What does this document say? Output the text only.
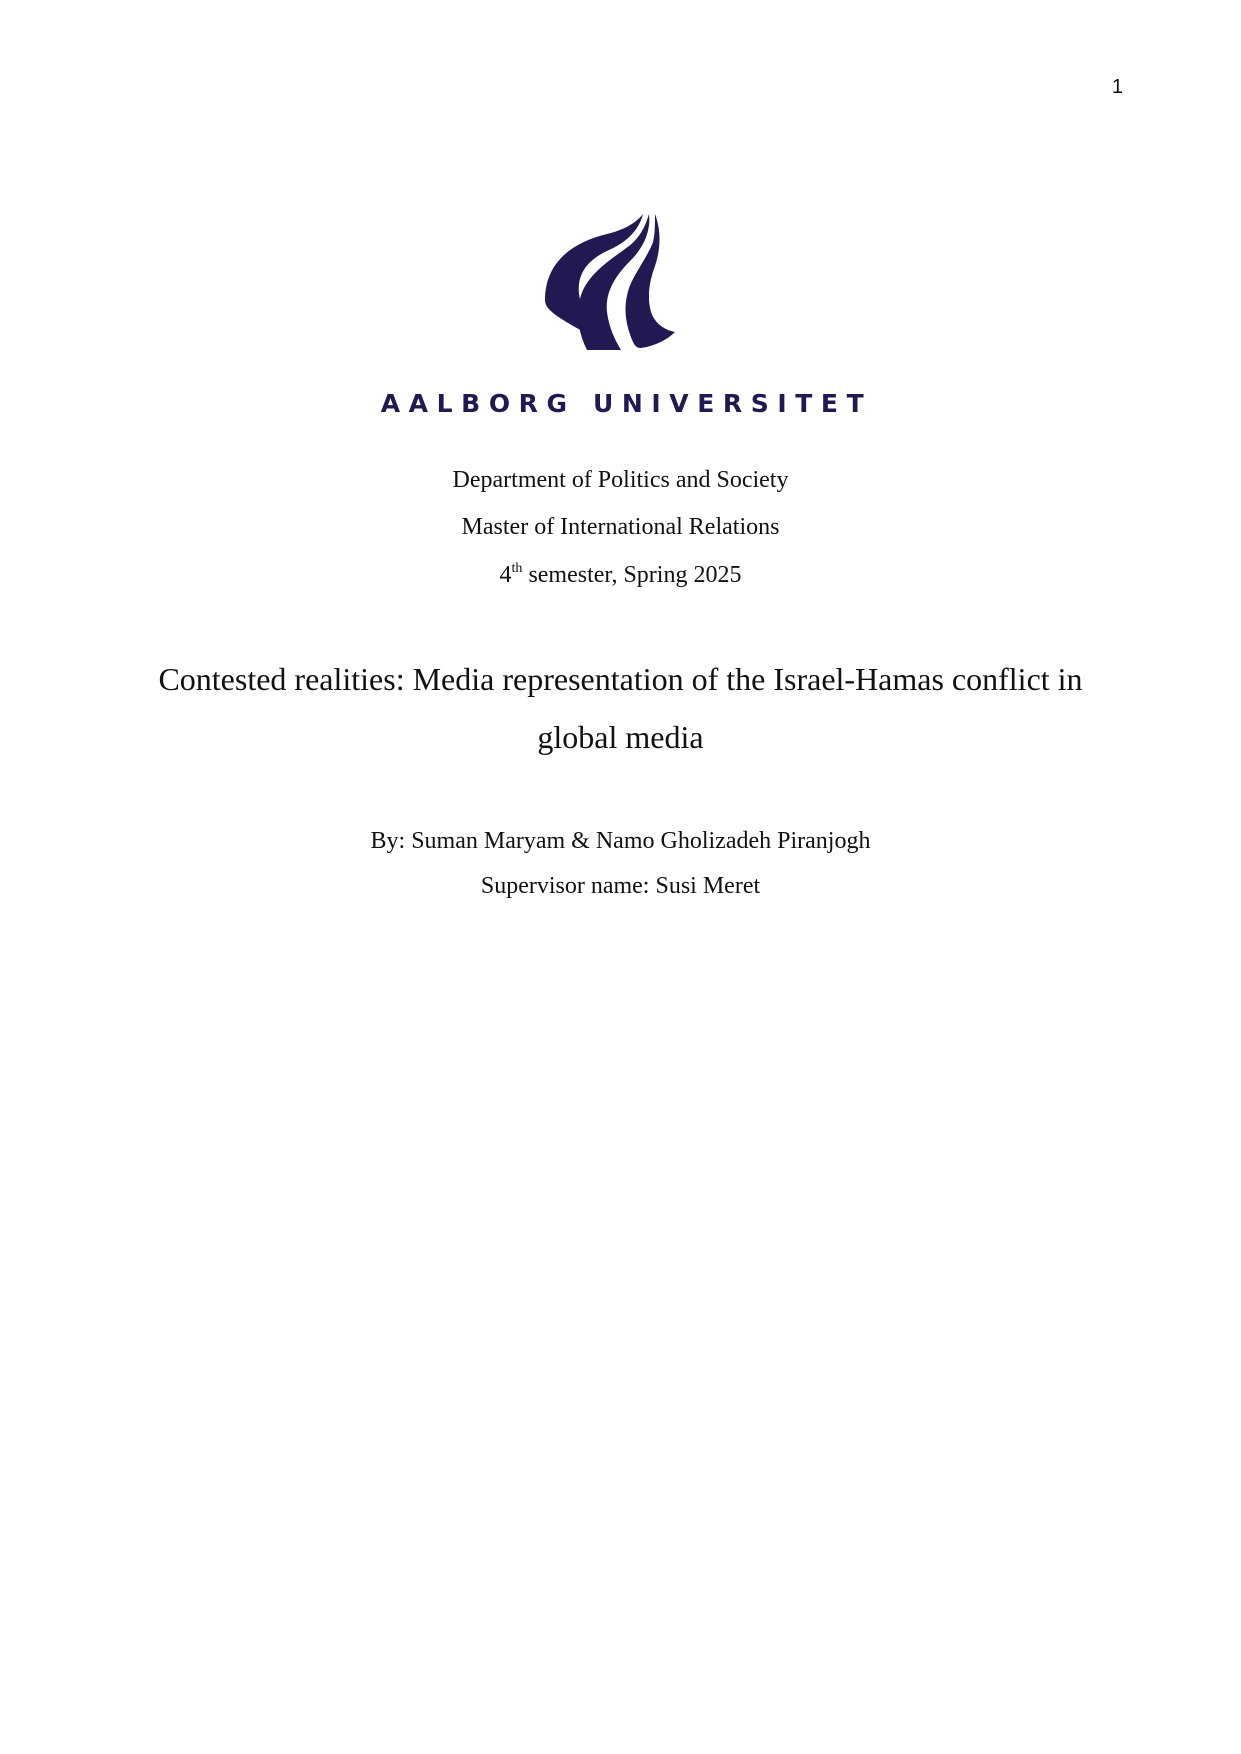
1
AALBORG UNIVERSITET
Department of Politics and Society
Master of International Relations
4th semester, Spring 2025
Contested realities: Media representation of the Israel-Hamas conflict in global media
By: Suman Maryam & Namo Gholizadeh Piranjogh
Supervisor name: Susi Meret
